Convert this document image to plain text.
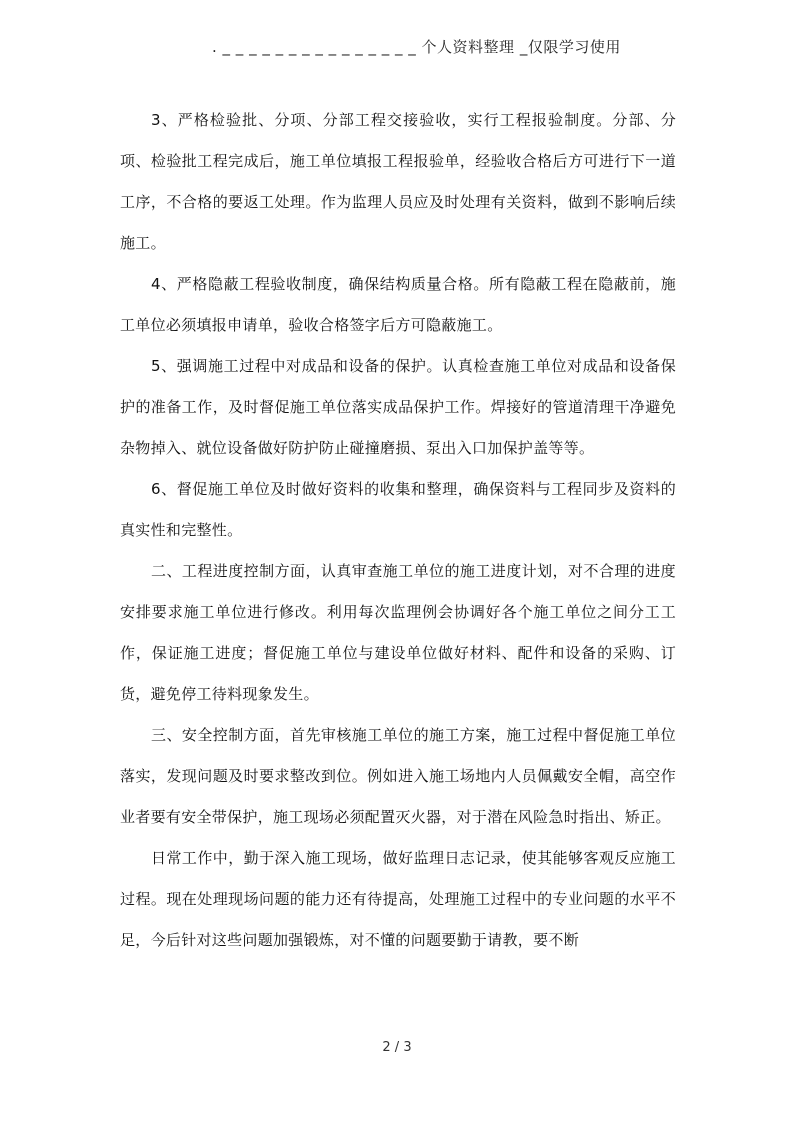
. _ _ _ _ _ _ _ _ _ _ _ _ _ _ _ 个人资料整理 _仅限学习使用

3、严格检验批、分项、分部工程交接验收，实行工程报验制度。分部、分项、检验批工程完成后，施工单位填报工程报验单，经验收合格后方可进行下一道工序，不合格的要返工处理。作为监理人员应及时处理有关资料，做到不影响后续施工。

4、严格隐蔽工程验收制度，确保结构质量合格。所有隐蔽工程在隐蔽前，施工单位必须填报申请单，验收合格签字后方可隐蔽施工。

5、强调施工过程中对成品和设备的保护。认真检查施工单位对成品和设备保护的准备工作，及时督促施工单位落实成品保护工作。焊接好的管道清理干净避免杂物掉入、就位设备做好防护防止碰撞磨损、泵出入口加保护盖等等。

6、督促施工单位及时做好资料的收集和整理，确保资料与工程同步及资料的真实性和完整性。

二、工程进度控制方面，认真审查施工单位的施工进度计划，对不合理的进度安排要求施工单位进行修改。利用每次监理例会协调好各个施工单位之间分工工作，保证施工进度；督促施工单位与建设单位做好材料、配件和设备的采购、订货，避免停工待料现象发生。

三、安全控制方面，首先审核施工单位的施工方案，施工过程中督促施工单位落实，发现问题及时要求整改到位。例如进入施工场地内人员佩戴安全帽，高空作业者要有安全带保护，施工现场必须配置灭火器，对于潜在风险急时指出、矫正。

日常工作中，勤于深入施工现场，做好监理日志记录，使其能够客观反应施工过程。现在处理现场问题的能力还有待提高，处理施工过程中的专业问题的水平不足，今后针对这些问题加强锻炼，对不懂的问题要勤于请教，要不断

2 / 3
